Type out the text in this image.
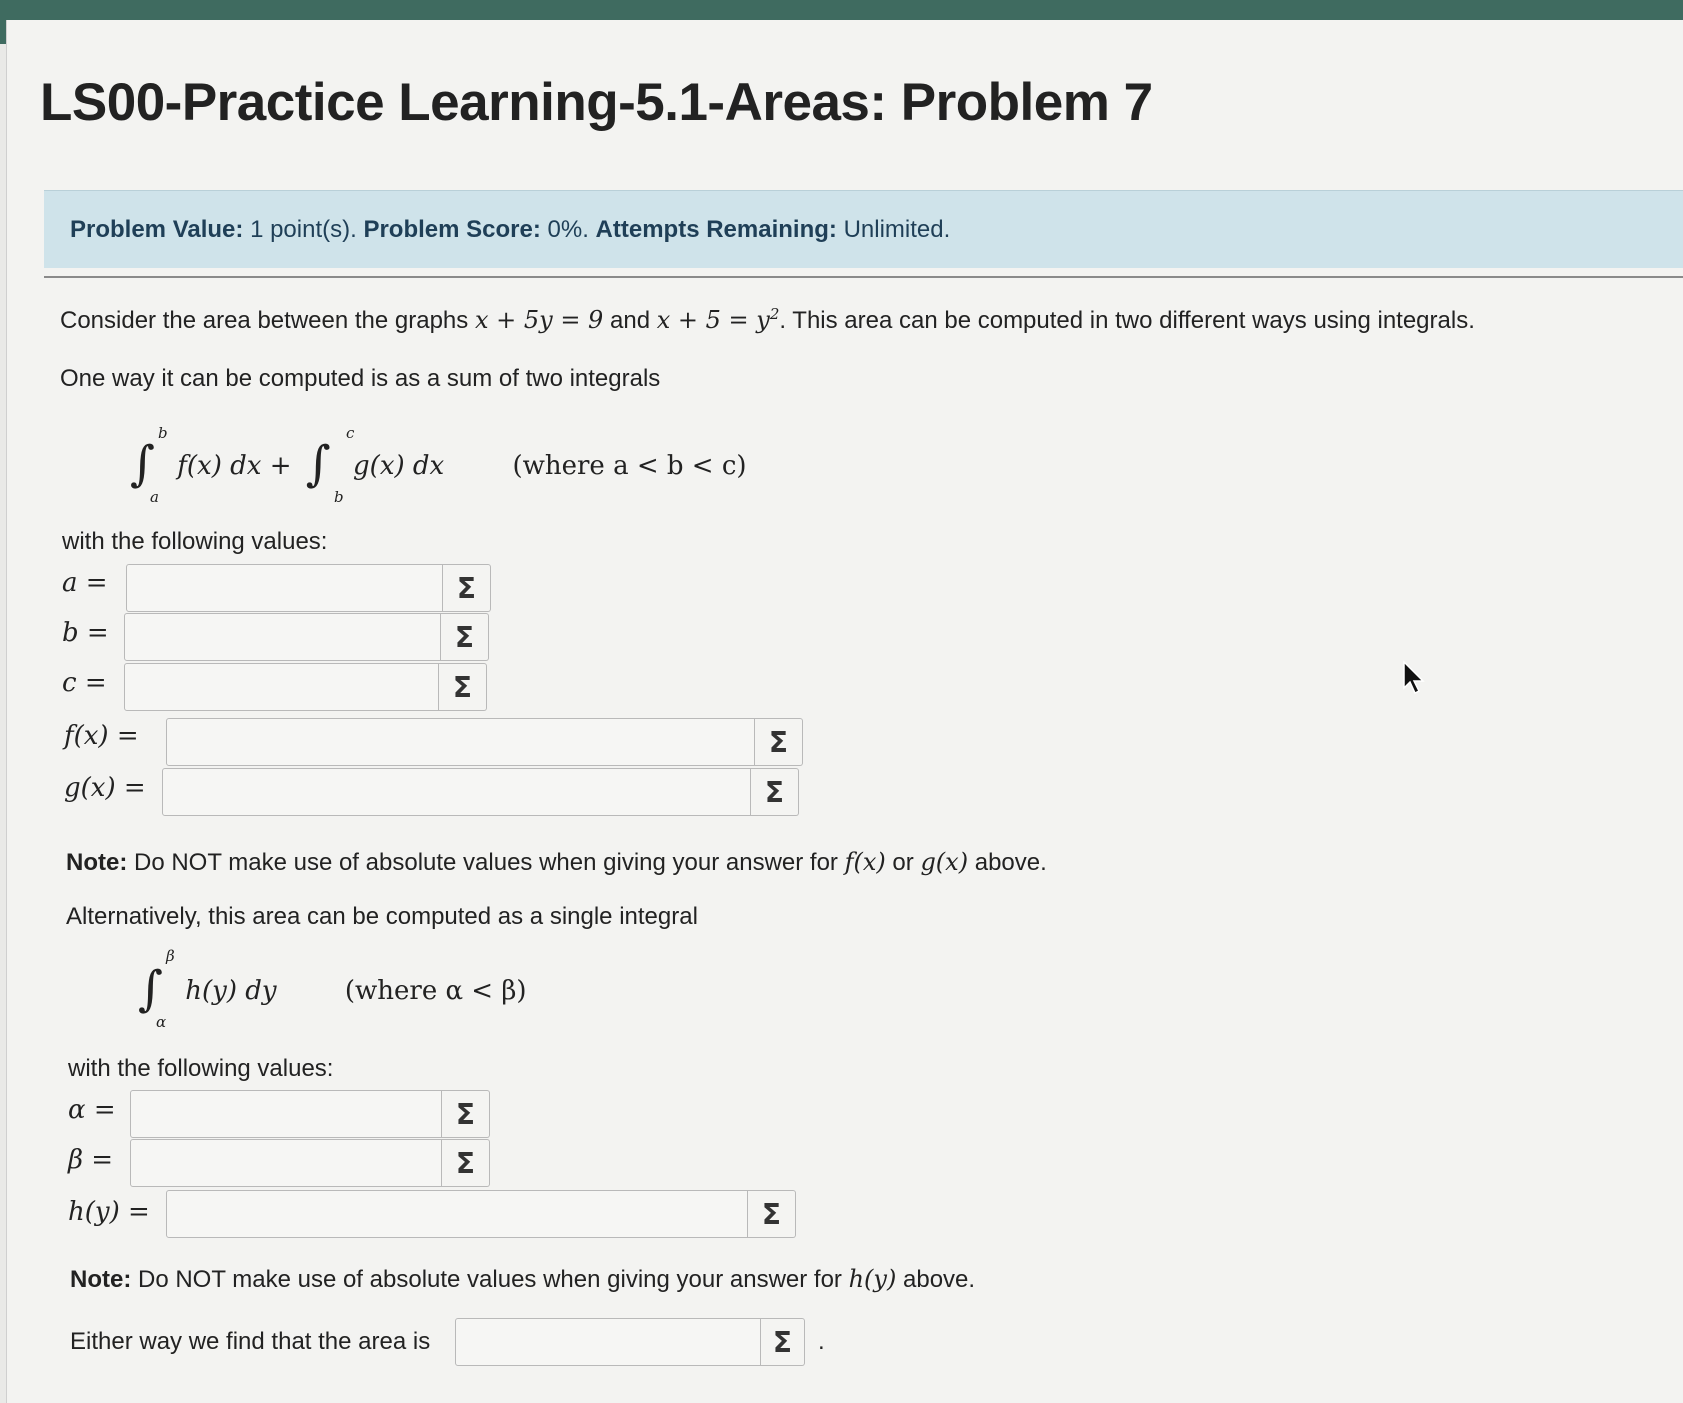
LS00-Practice Learning-5.1-Areas: Problem 7
Problem Value: 1 point(s). Problem Score: 0%. Attempts Remaining: Unlimited.
Consider the area between the graphs x + 5y = 9 and $x + 5 = y^2$. This area can be computed in two different ways using integrals.
One way it can be computed is as a sum of two integrals
∫
b
a
f(x) dx + ∫
c
b
g(x) dx	(where a < b < c)
with the following values:
a =	Σ
b =	Σ
c =	Σ
f(x) =	Σ
g(x) =	Σ
Note: Do NOT make use of absolute values when giving your answer for f(x) or g(x) above.
Alternatively, this area can be computed as a single integral
∫
β
α
h(y) dy	(where α < β)
with the following values:
α =	Σ
β =	Σ
h(y) =	Σ
Note: Do NOT make use of absolute values when giving your answer for h(y) above.
Either way we find that the area is	Σ	.
